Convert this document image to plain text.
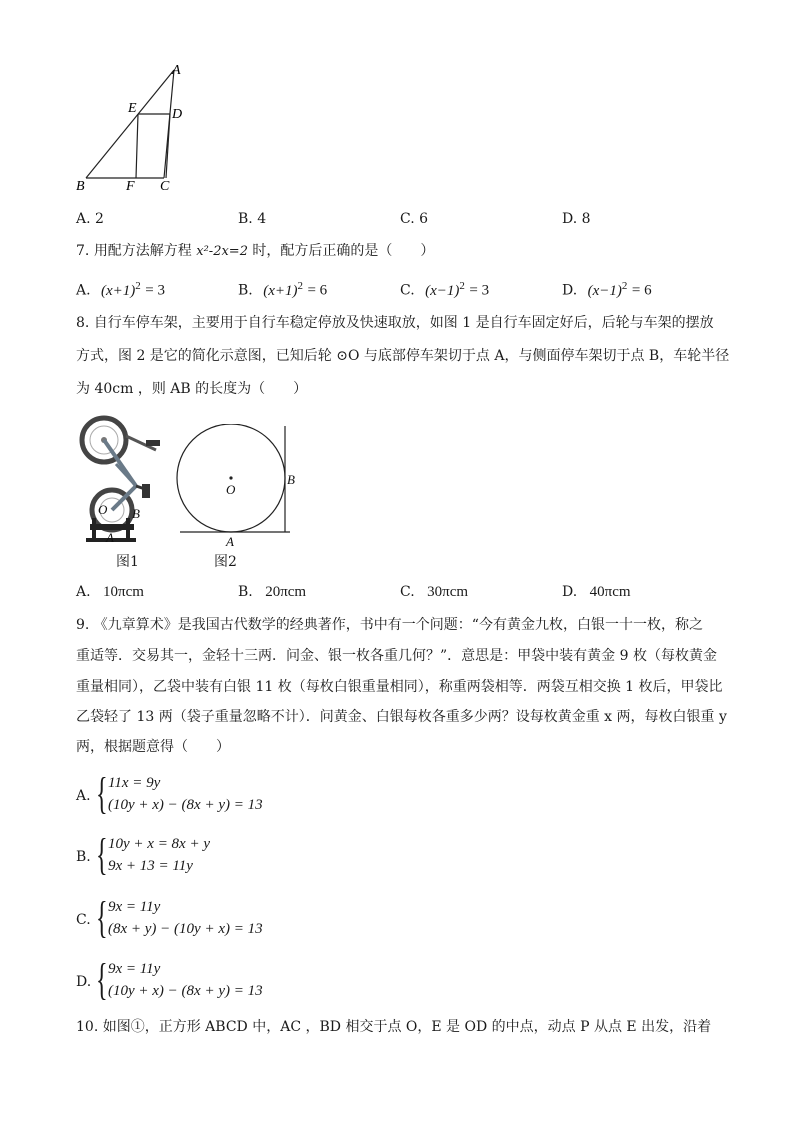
A
E	D
B	F C
A. 2	B. 4	C. 6	D. 8
7. 用配方法解方程 x²-2x=2 时，配方后正确的是（　　）
A. $(x+1)^2 = 3$	B. $(x+1)^2 = 6$	C. $(x-1)^2 = 3$	D. $(x-1)^2 = 6$
8. 自行车停车架，主要用于自行车稳定停放及快速取放，如图 1 是自行车固定好后，后轮与车架的摆放
方式，图 2 是它的简化示意图，已知后轮 ⊙O 与底部停车架切于点 A，与侧面停车架切于点 B，车轮半径
为 40cm ，则 AB 的长度为（　　）
O B
A
图1
O
B
A
图2
A. 10πcm	B. 20πcm	C. 30πcm	D. 40πcm
9. 《九章算术》是我国古代数学的经典著作，书中有一个问题：“今有黄金九枚，白银一十一枚，称之
重适等．交易其一，金轻十三两．问金、银一枚各重几何？”．意思是：甲袋中装有黄金 9 枚（每枚黄金
重量相同），乙袋中装有白银 11 枚（每枚白银重量相同），称重两袋相等．两袋互相交换 1 枚后，甲袋比
乙袋轻了 13 两（袋子重量忽略不计）．问黄金、白银每枚各重多少两？设每枚黄金重 x 两，每枚白银重 y
两，根据题意得（　　）
A. { 11x = 9y
(10y + x) − (8x + y) = 13
B. { 10y + x = 8x + y
9x + 13 = 11y
C. { 9x = 11y
(8x + y) − (10y + x) = 13
D. { 9x = 11y
(10y + x) − (8x + y) = 13
10. 如图①，正方形 ABCD 中，AC ，BD 相交于点 O，E 是 OD 的中点，动点 P 从点 E 出发，沿着
